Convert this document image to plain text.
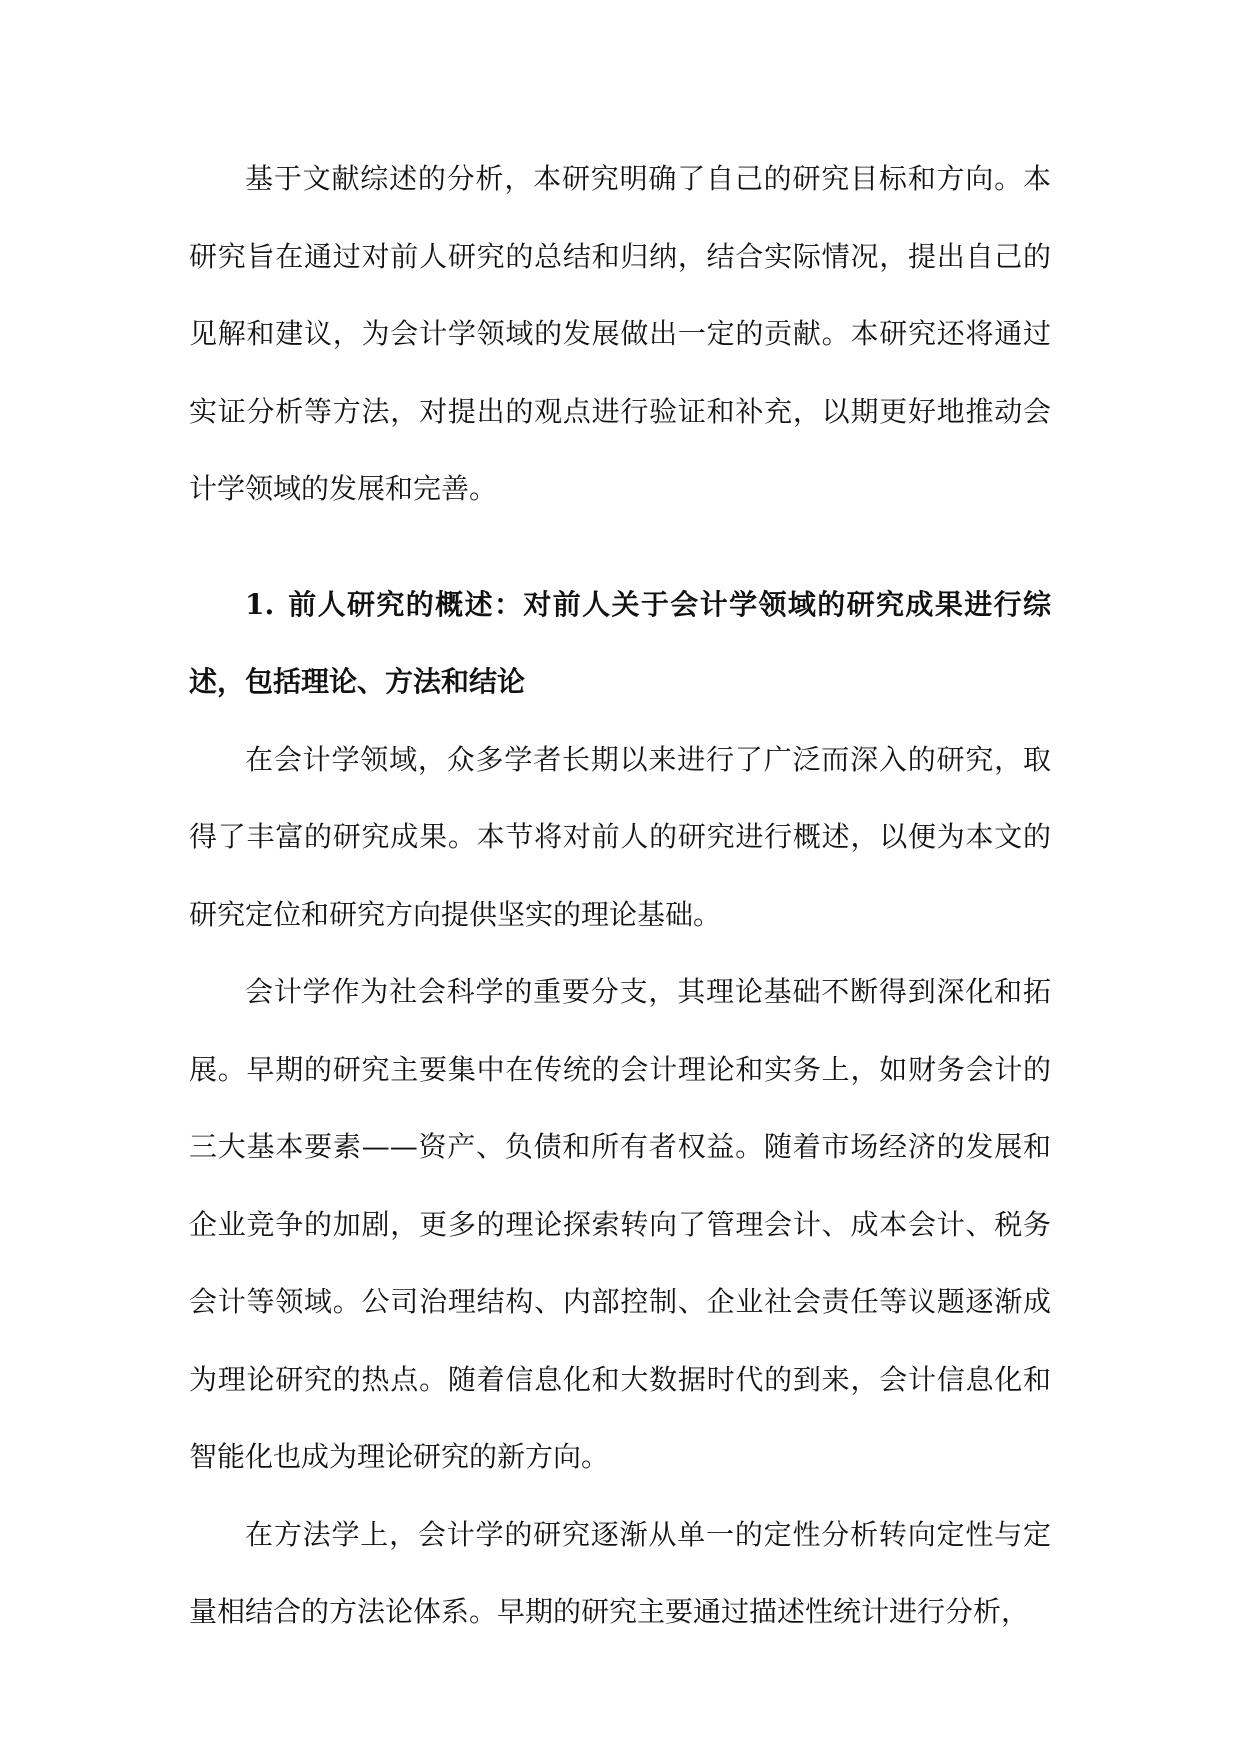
基于文献综述的分析，本研究明确了自己的研究目标和方向。本研究旨在通过对前人研究的总结和归纳，结合实际情况，提出自己的见解和建议，为会计学领域的发展做出一定的贡献。本研究还将通过实证分析等方法，对提出的观点进行验证和补充，以期更好地推动会计学领域的发展和完善。

1. 前人研究的概述：对前人关于会计学领域的研究成果进行综述，包括理论、方法和结论

在会计学领域，众多学者长期以来进行了广泛而深入的研究，取得了丰富的研究成果。本节将对前人的研究进行概述，以便为本文的研究定位和研究方向提供坚实的理论基础。

会计学作为社会科学的重要分支，其理论基础不断得到深化和拓展。早期的研究主要集中在传统的会计理论和实务上，如财务会计的三大基本要素——资产、负债和所有者权益。随着市场经济的发展和企业竞争的加剧，更多的理论探索转向了管理会计、成本会计、税务会计等领域。公司治理结构、内部控制、企业社会责任等议题逐渐成为理论研究的热点。随着信息化和大数据时代的到来，会计信息化和智能化也成为理论研究的新方向。

在方法学上，会计学的研究逐渐从单一的定性分析转向定性与定量相结合的方法论体系。早期的研究主要通过描述性统计进行分析，
